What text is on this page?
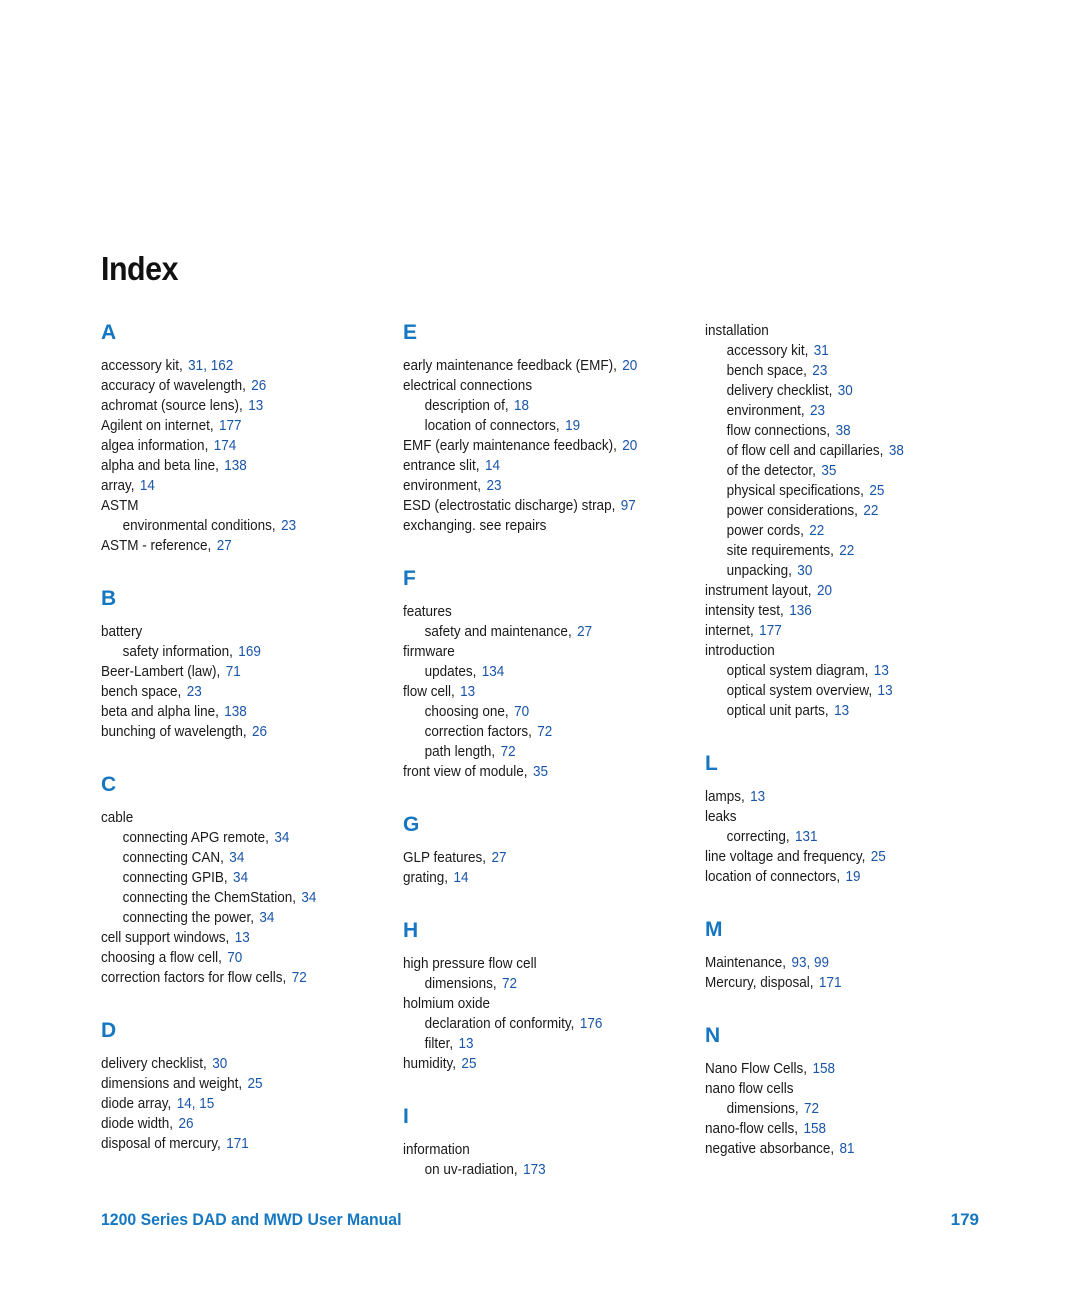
Index
A
accessory kit, 31, 162
accuracy of wavelength, 26
achromat (source lens), 13
Agilent on internet, 177
algea information, 174
alpha and beta line, 138
array, 14
ASTM
environmental conditions, 23
ASTM - reference, 27
B
battery
safety information, 169
Beer-Lambert (law), 71
bench space, 23
beta and alpha line, 138
bunching of wavelength, 26
C
cable
connecting APG remote, 34
connecting CAN, 34
connecting GPIB, 34
connecting the ChemStation, 34
connecting the power, 34
cell support windows, 13
choosing a flow cell, 70
correction factors for flow cells, 72
D
delivery checklist, 30
dimensions and weight, 25
diode array, 14, 15
diode width, 26
disposal of mercury, 171
E
early maintenance feedback (EMF), 20
electrical connections
description of, 18
location of connectors, 19
EMF (early maintenance feedback), 20
entrance slit, 14
environment, 23
ESD (electrostatic discharge) strap, 97
exchanging. see repairs
F
features
safety and maintenance, 27
firmware
updates, 134
flow cell, 13
choosing one, 70
correction factors, 72
path length, 72
front view of module, 35
G
GLP features, 27
grating, 14
H
high pressure flow cell
dimensions, 72
holmium oxide
declaration of conformity, 176
filter, 13
humidity, 25
I
information
on uv-radiation, 173
installation
accessory kit, 31
bench space, 23
delivery checklist, 30
environment, 23
flow connections, 38
of flow cell and capillaries, 38
of the detector, 35
physical specifications, 25
power considerations, 22
power cords, 22
site requirements, 22
unpacking, 30
instrument layout, 20
intensity test, 136
internet, 177
introduction
optical system diagram, 13
optical system overview, 13
optical unit parts, 13
L
lamps, 13
leaks
correcting, 131
line voltage and frequency, 25
location of connectors, 19
M
Maintenance, 93, 99
Mercury, disposal, 171
N
Nano Flow Cells, 158
nano flow cells
dimensions, 72
nano-flow cells, 158
negative absorbance, 81
1200 Series DAD and MWD User Manual	179
